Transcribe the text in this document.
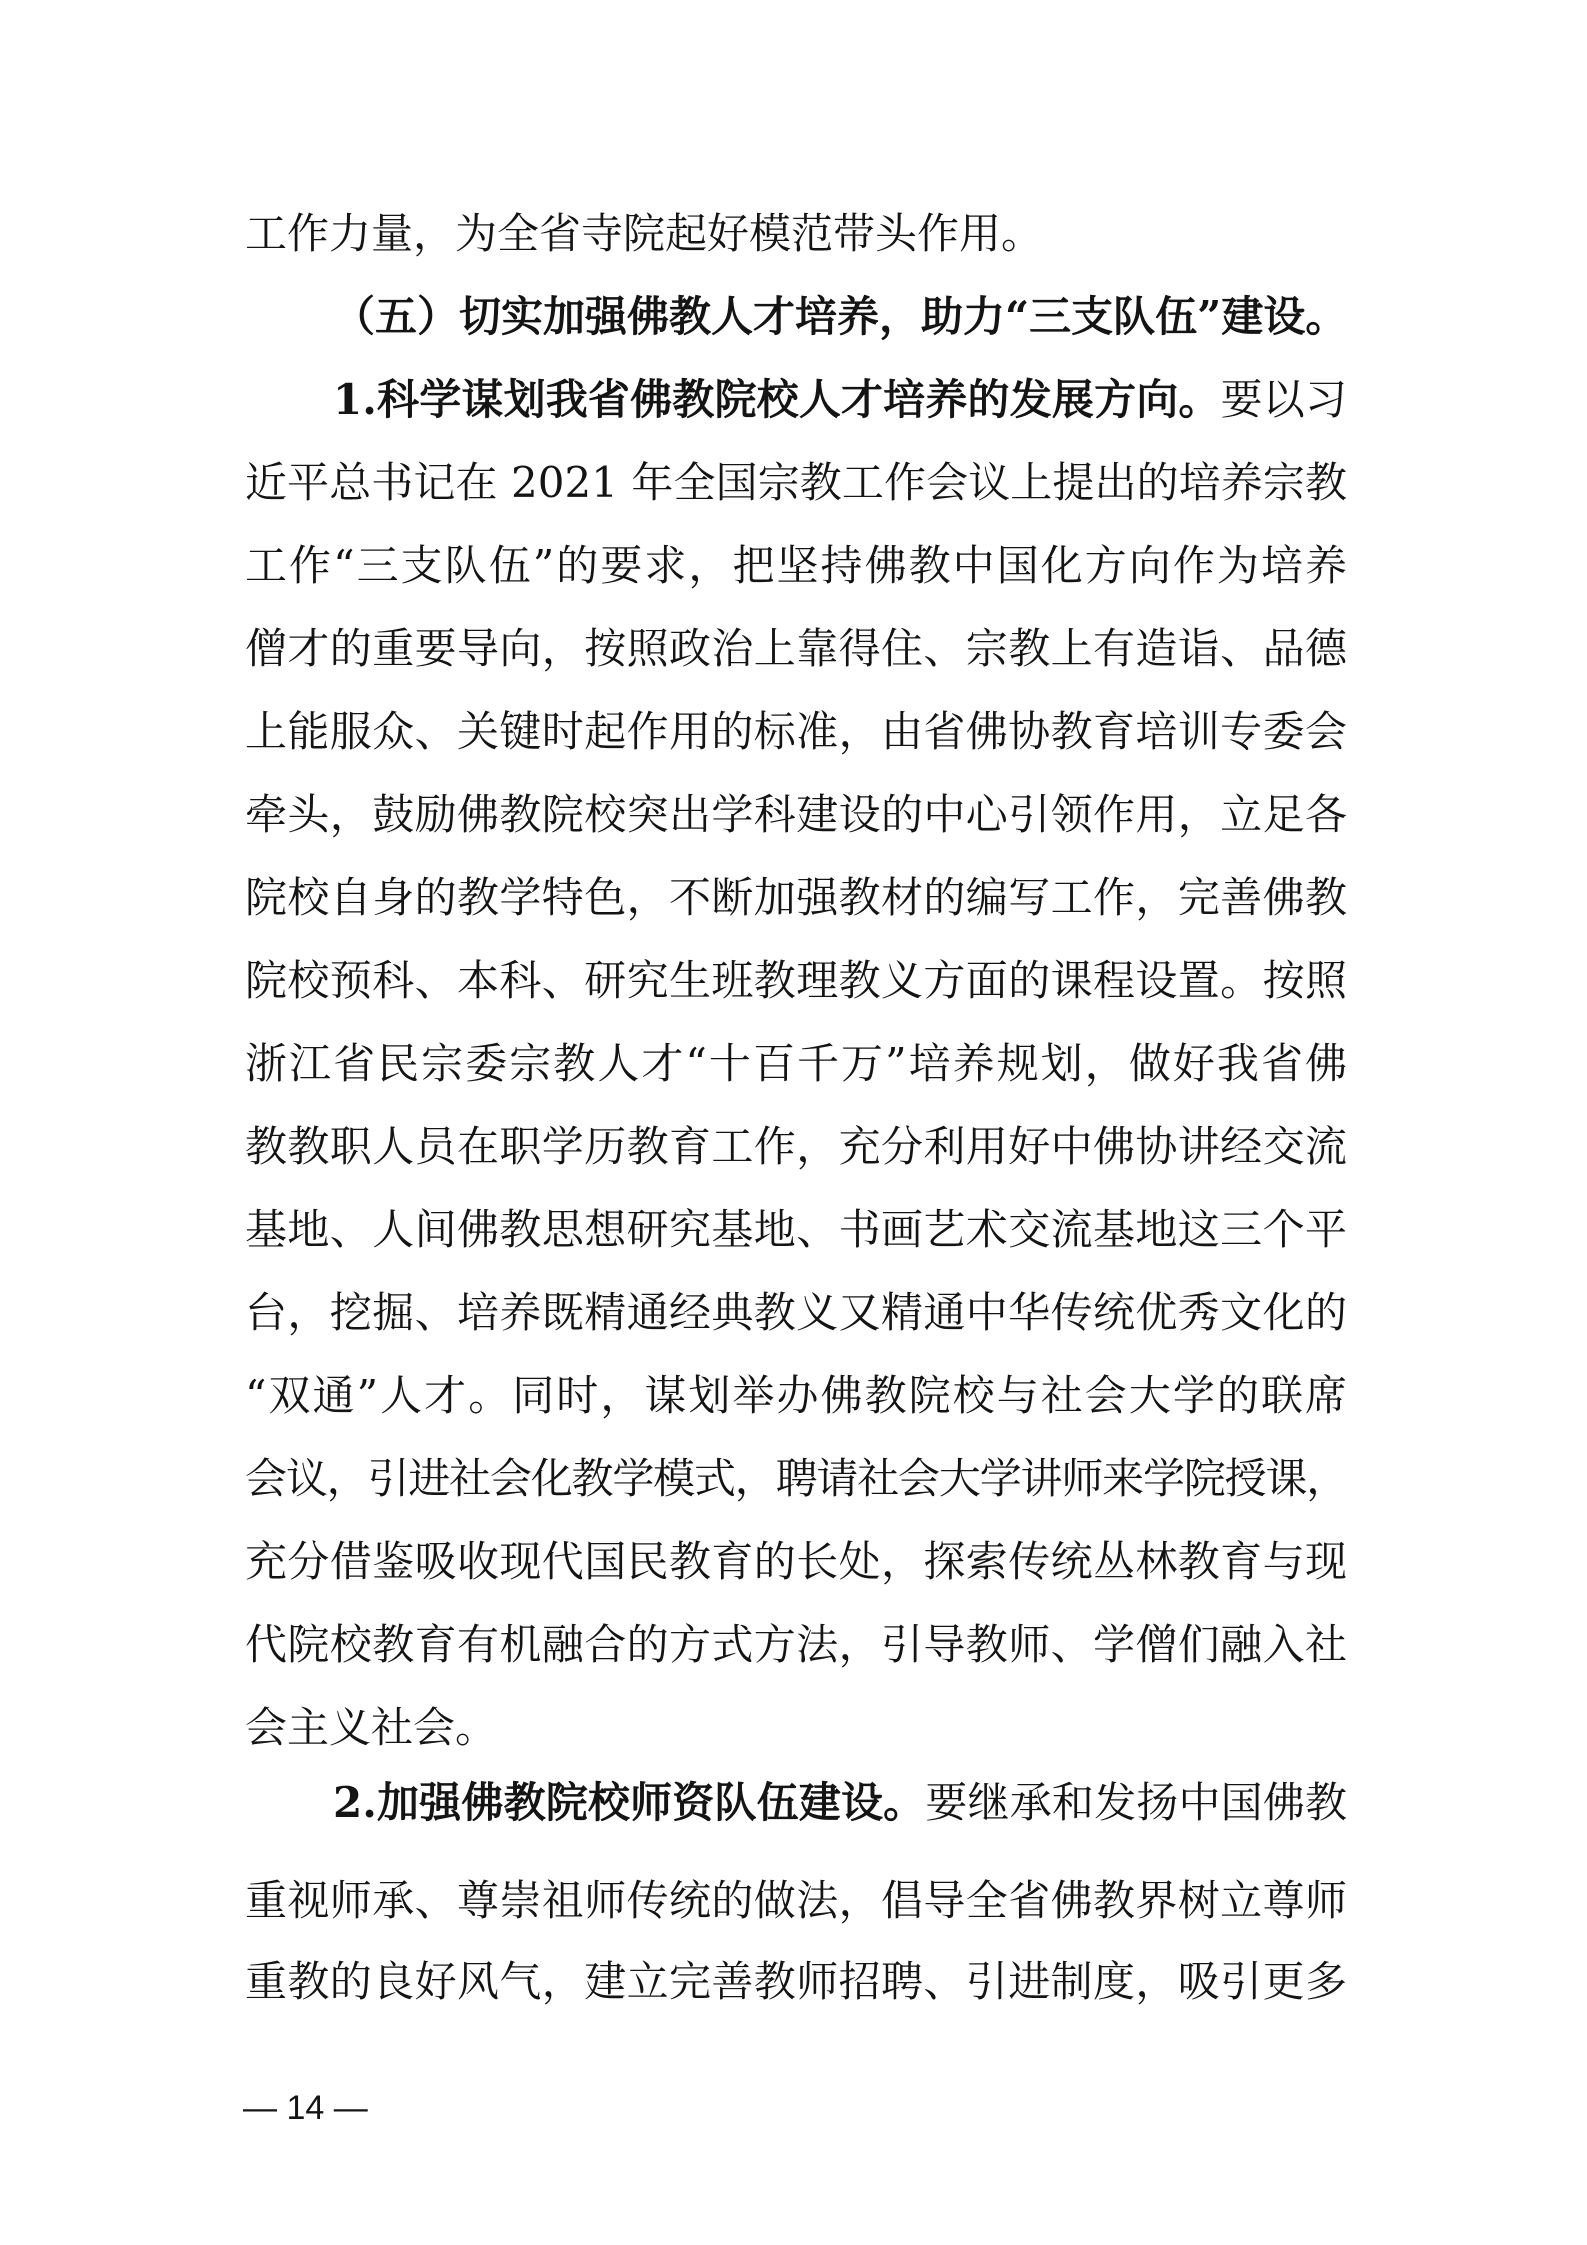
工作力量，为全省寺院起好模范带头作用。
（五）切实加强佛教人才培养，助力“三支队伍”建设。
1.科学谋划我省佛教院校人才培养的发展方向。要以习
近平总书记在 2021 年全国宗教工作会议上提出的培养宗教
工作“三支队伍”的要求，把坚持佛教中国化方向作为培养
僧才的重要导向，按照政治上靠得住、宗教上有造诣、品德
上能服众、关键时起作用的标准，由省佛协教育培训专委会
牵头，鼓励佛教院校突出学科建设的中心引领作用，立足各
院校自身的教学特色，不断加强教材的编写工作，完善佛教
院校预科、本科、研究生班教理教义方面的课程设置。按照
浙江省民宗委宗教人才“十百千万”培养规划，做好我省佛
教教职人员在职学历教育工作，充分利用好中佛协讲经交流
基地、人间佛教思想研究基地、书画艺术交流基地这三个平
台，挖掘、培养既精通经典教义又精通中华传统优秀文化的
“双通”人才。同时，谋划举办佛教院校与社会大学的联席
会议，引进社会化教学模式，聘请社会大学讲师来学院授课，
充分借鉴吸收现代国民教育的长处，探索传统丛林教育与现
代院校教育有机融合的方式方法，引导教师、学僧们融入社
会主义社会。
2.加强佛教院校师资队伍建设。要继承和发扬中国佛教
重视师承、尊崇祖师传统的做法，倡导全省佛教界树立尊师
重教的良好风气，建立完善教师招聘、引进制度，吸引更多
— 14 —
